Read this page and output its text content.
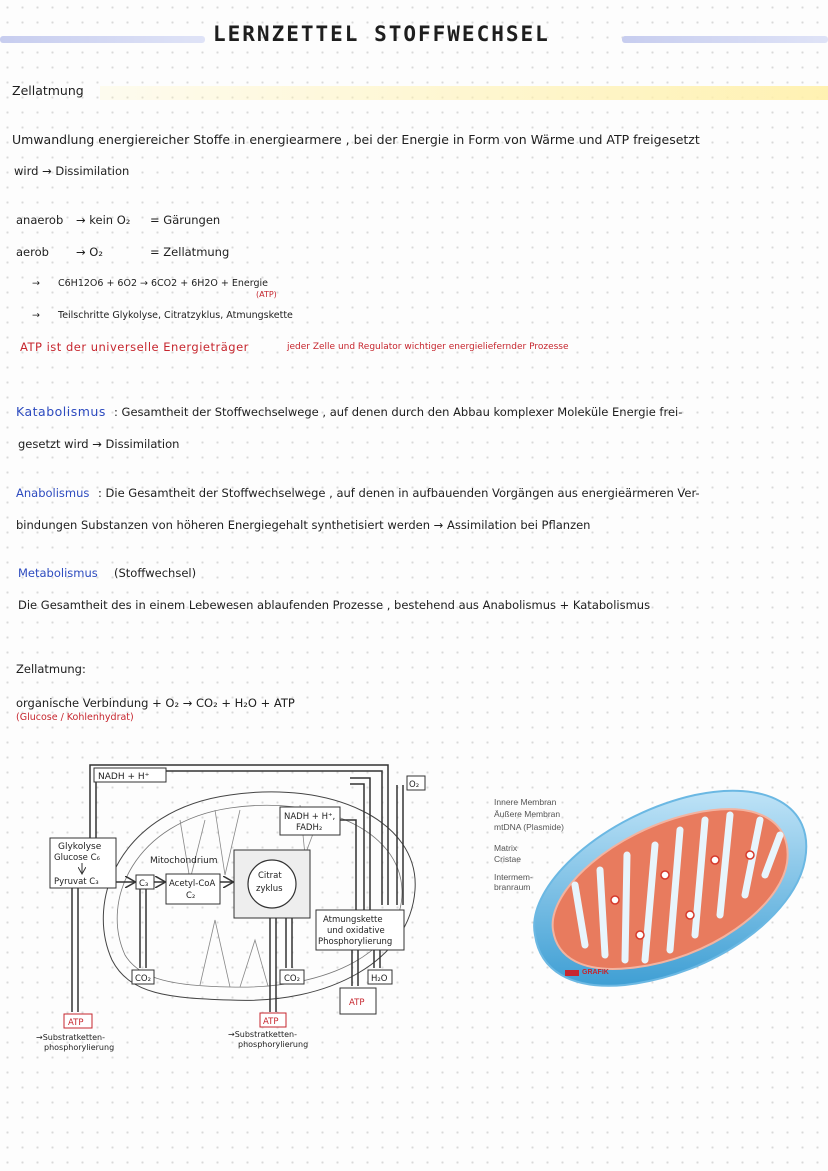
LERNZETTEL STOFFWECHSEL
Zellatmung
Umwandlung energiereicher Stoffe in energiearmere , bei der Energie in Form von Wärme und ATP freigesetzt
wird → Dissimilation
anaerob → kein O₂ = Gärungen
aerob → O₂	= Zellatmung
→ C6H12O6 + 6O2 → 6CO2 + 6H2O + Energie
(ATP)
→ Teilschritte Glykolyse, Citratzyklus, Atmungskette
ATP ist der universelle Energieträger	jeder Zelle und Regulator wichtiger energieliefernder Prozesse
Katabolismus : Gesamtheit der Stoffwechselwege , auf denen durch den Abbau komplexer Moleküle Energie frei-
gesetzt wird → Dissimilation
Anabolismus : Die Gesamtheit der Stoffwechselwege , auf denen in aufbauenden Vorgängen aus energieärmeren Ver-
bindungen Substanzen von höheren Energiegehalt synthetisiert werden → Assimilation bei Pflanzen
Metabolismus (Stoffwechsel)
Die Gesamtheit des in einem Lebewesen ablaufenden Prozesse , bestehend aus Anabolismus + Katabolismus
Zellatmung:
organische Verbindung + O₂ → CO₂ + H₂O + ATP
(Glucose / Kohlenhydrat)
NADH + H⁺
O₂
NADH + H⁺,
FADH₂
Glykolyse
Glucose C₆
Pyruvat C₃	C₃
Mitochondrium
Acetyl-CoA
C₂
Citrat
zyklus
Atmungskette
und oxidative
Phosphorylierung
ATP
→Substratketten-
phosphorylierung
CO₂	CO₂
ATP
→Substratketten-
phosphorylierung
H₂O
ATP
Innere Membran
Äußere Membran
mtDNA (Plasmide)
Matrix
Cristae
Intermem-
branraum
GRAFIK
